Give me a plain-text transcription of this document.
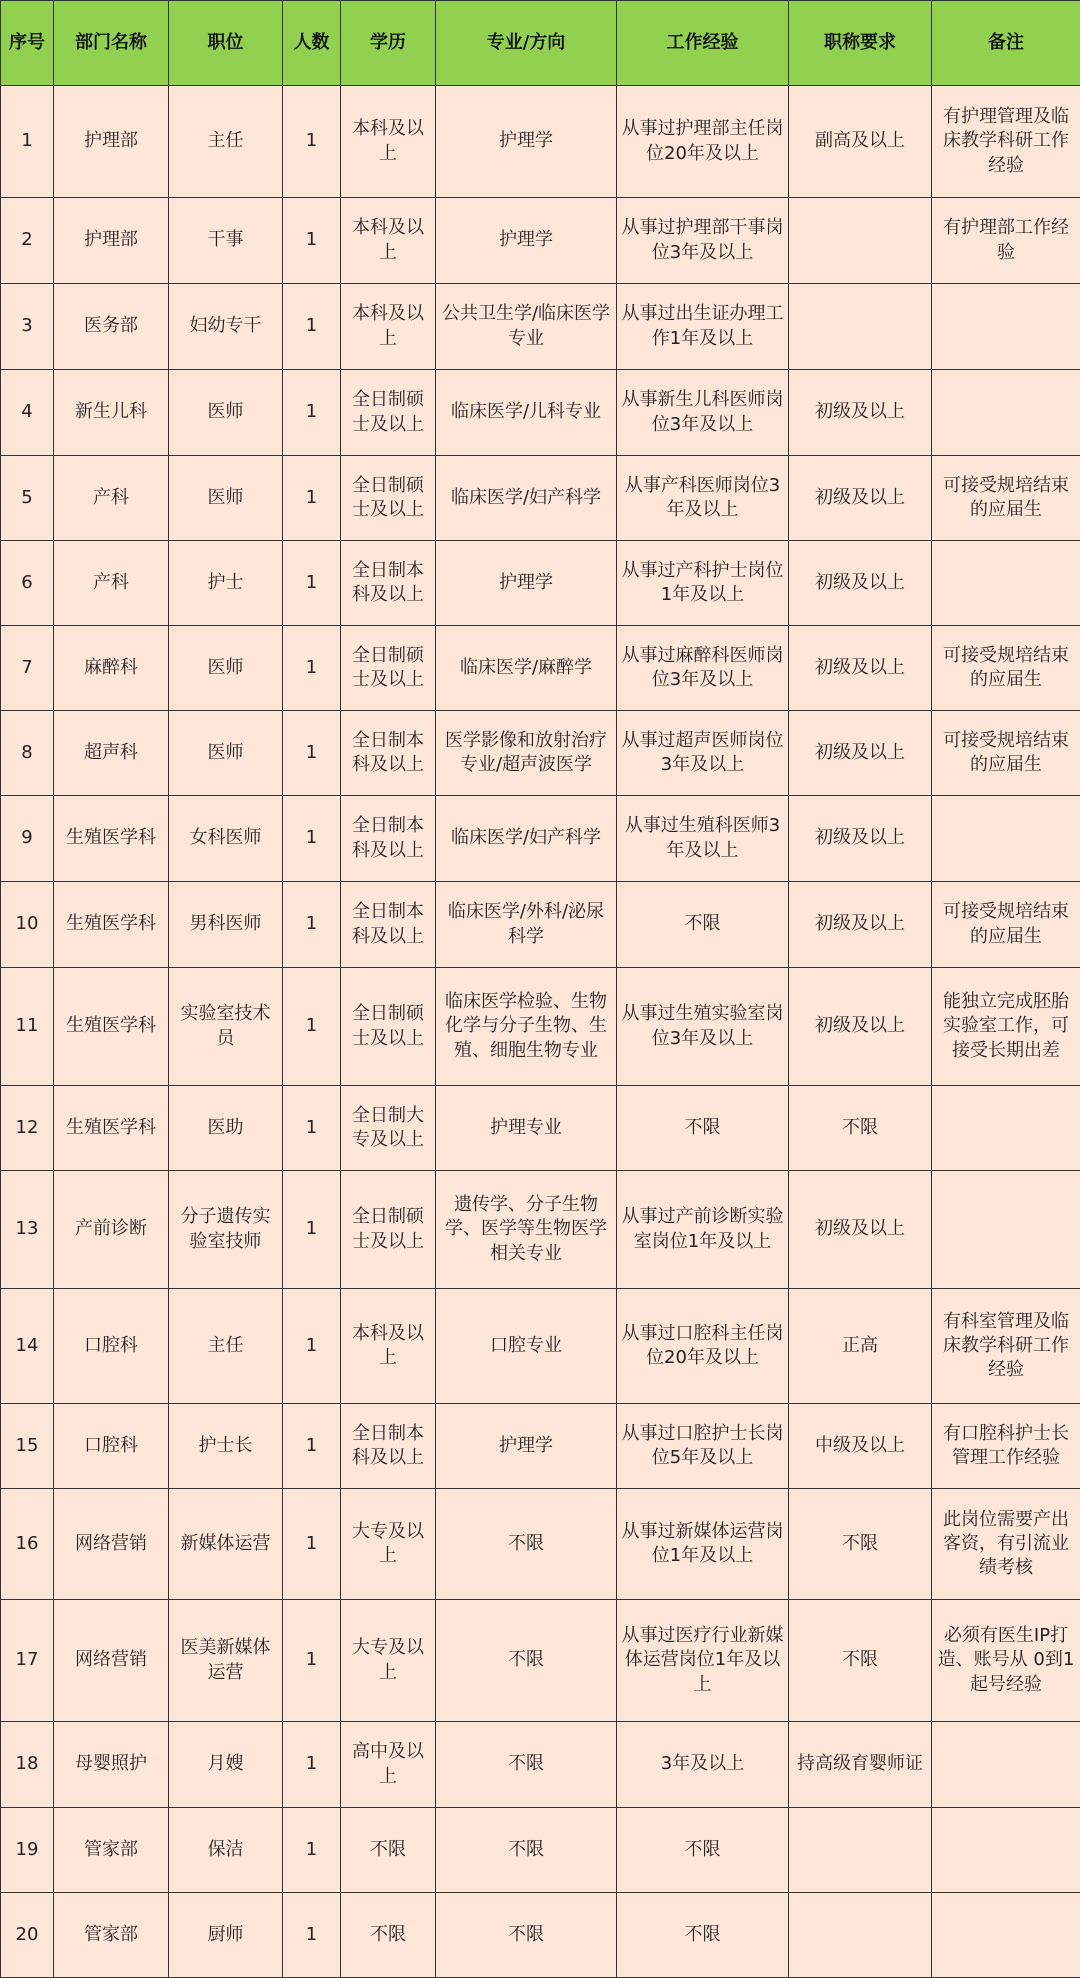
序号	部门名称	职位	人数	学历	专业/方向	工作经验	职称要求	备注
1	护理部	主任	1	本科及以上	护理学	从事过护理部主任岗位20年及以上	副高及以上	有护理管理及临床教学科研工作经验
2	护理部	干事	1	本科及以上	护理学	从事过护理部干事岗位3年及以上		有护理部工作经验
3	医务部	妇幼专干	1	本科及以上	公共卫生学/临床医学专业	从事过出生证办理工作1年及以上		
4	新生儿科	医师	1	全日制硕士及以上	临床医学/儿科专业	从事新生儿科医师岗位3年及以上	初级及以上	
5	产科	医师	1	全日制硕士及以上	临床医学/妇产科学	从事产科医师岗位3年及以上	初级及以上	可接受规培结束的应届生
6	产科	护士	1	全日制本科及以上	护理学	从事过产科护士岗位1年及以上	初级及以上	
7	麻醉科	医师	1	全日制硕士及以上	临床医学/麻醉学	从事过麻醉科医师岗位3年及以上	初级及以上	可接受规培结束的应届生
8	超声科	医师	1	全日制本科及以上	医学影像和放射治疗专业/超声波医学	从事过超声医师岗位3年及以上	初级及以上	可接受规培结束的应届生
9	生殖医学科	女科医师	1	全日制本科及以上	临床医学/妇产科学	从事过生殖科医师3年及以上	初级及以上	
10	生殖医学科	男科医师	1	全日制本科及以上	临床医学/外科/泌尿科学	不限	初级及以上	可接受规培结束的应届生
11	生殖医学科	实验室技术员	1	全日制硕士及以上	临床医学检验、生物化学与分子生物、生殖、细胞生物专业	从事过生殖实验室岗位3年及以上	初级及以上	能独立完成胚胎实验室工作，可接受长期出差
12	生殖医学科	医助	1	全日制大专及以上	护理专业	不限	不限	
13	产前诊断	分子遗传实验室技师	1	全日制硕士及以上	遗传学、分子生物学、医学等生物医学相关专业	从事过产前诊断实验室岗位1年及以上	初级及以上	
14	口腔科	主任	1	本科及以上	口腔专业	从事过口腔科主任岗位20年及以上	正高	有科室管理及临床教学科研工作经验
15	口腔科	护士长	1	全日制本科及以上	护理学	从事过口腔护士长岗位5年及以上	中级及以上	有口腔科护士长管理工作经验
16	网络营销	新媒体运营	1	大专及以上	不限	从事过新媒体运营岗位1年及以上	不限	此岗位需要产出客资，有引流业绩考核
17	网络营销	医美新媒体运营	1	大专及以上	不限	从事过医疗行业新媒体运营岗位1年及以上	不限	必须有医生IP打造、账号从 0到1起号经验
18	母婴照护	月嫂	1	高中及以上	不限	3年及以上	持高级育婴师证	
19	管家部	保洁	1	不限	不限	不限		
20	管家部	厨师	1	不限	不限	不限		
